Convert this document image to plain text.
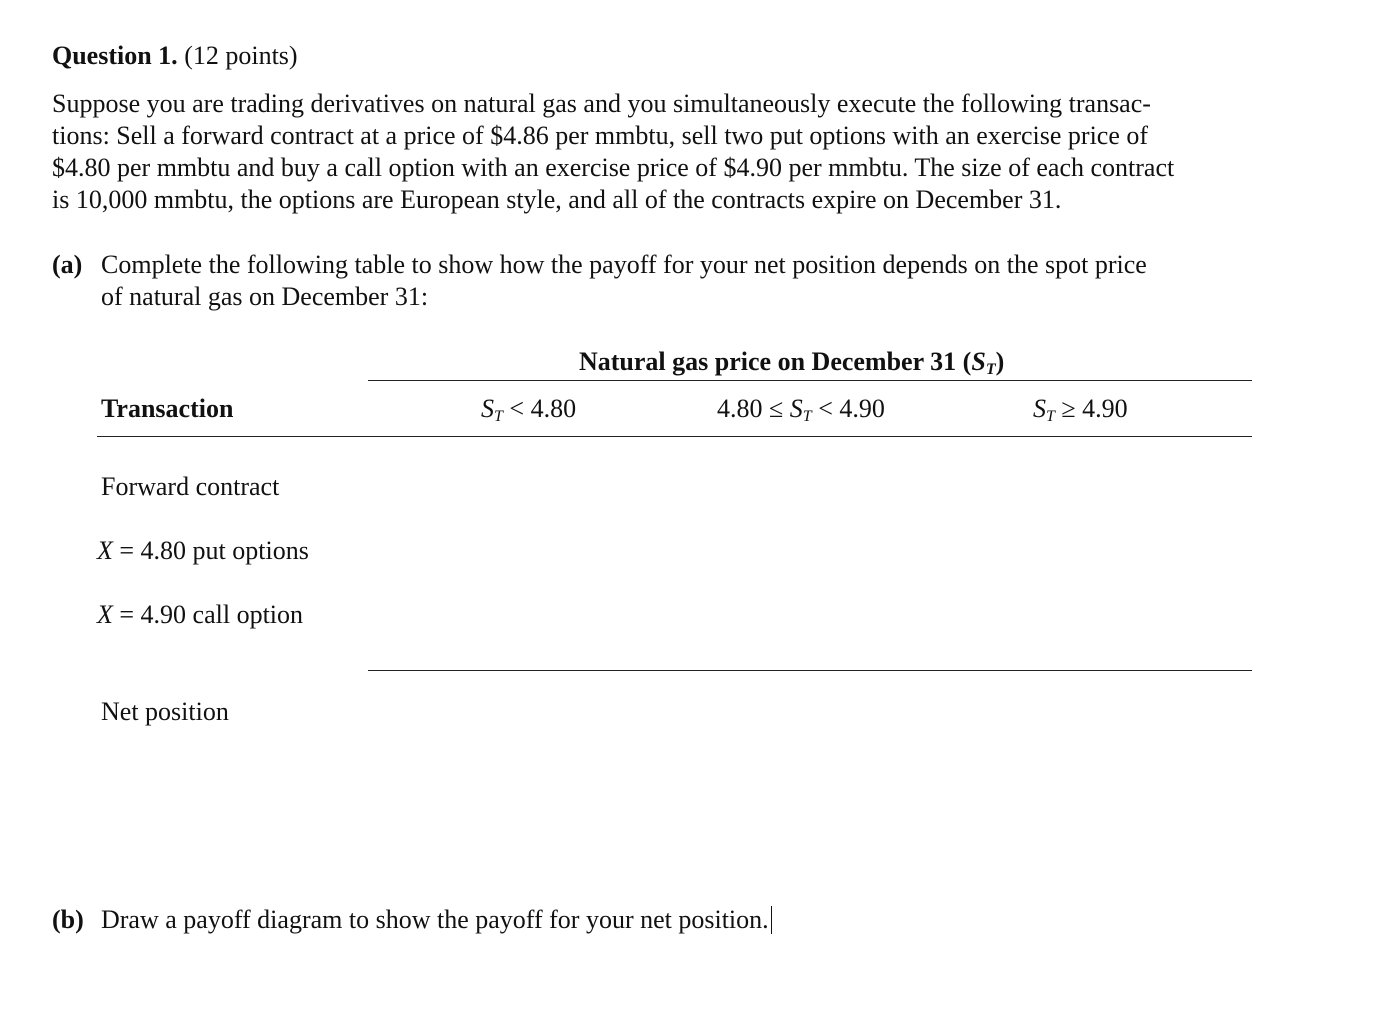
Question 1. (12 points)
Suppose you are trading derivatives on natural gas and you simultaneously execute the following transac-
tions: Sell a forward contract at a price of $4.86 per mmbtu, sell two put options with an exercise price of
$4.80 per mmbtu and buy a call option with an exercise price of $4.90 per mmbtu. The size of each contract
is 10,000 mmbtu, the options are European style, and all of the contracts expire on December 31.
(a) Complete the following table to show how the payoff for your net position depends on the spot price
of natural gas on December 31:
Natural gas price on December 31 $(S_T)$
Transaction	$S_T < 4.80$	$4.80 \le S_T < 4.90$	$S_T \ge 4.90$
Forward contract
X = 4.80 put options
X = 4.90 call option
Net position
(b) Draw a payoff diagram to show the payoff for your net position.
